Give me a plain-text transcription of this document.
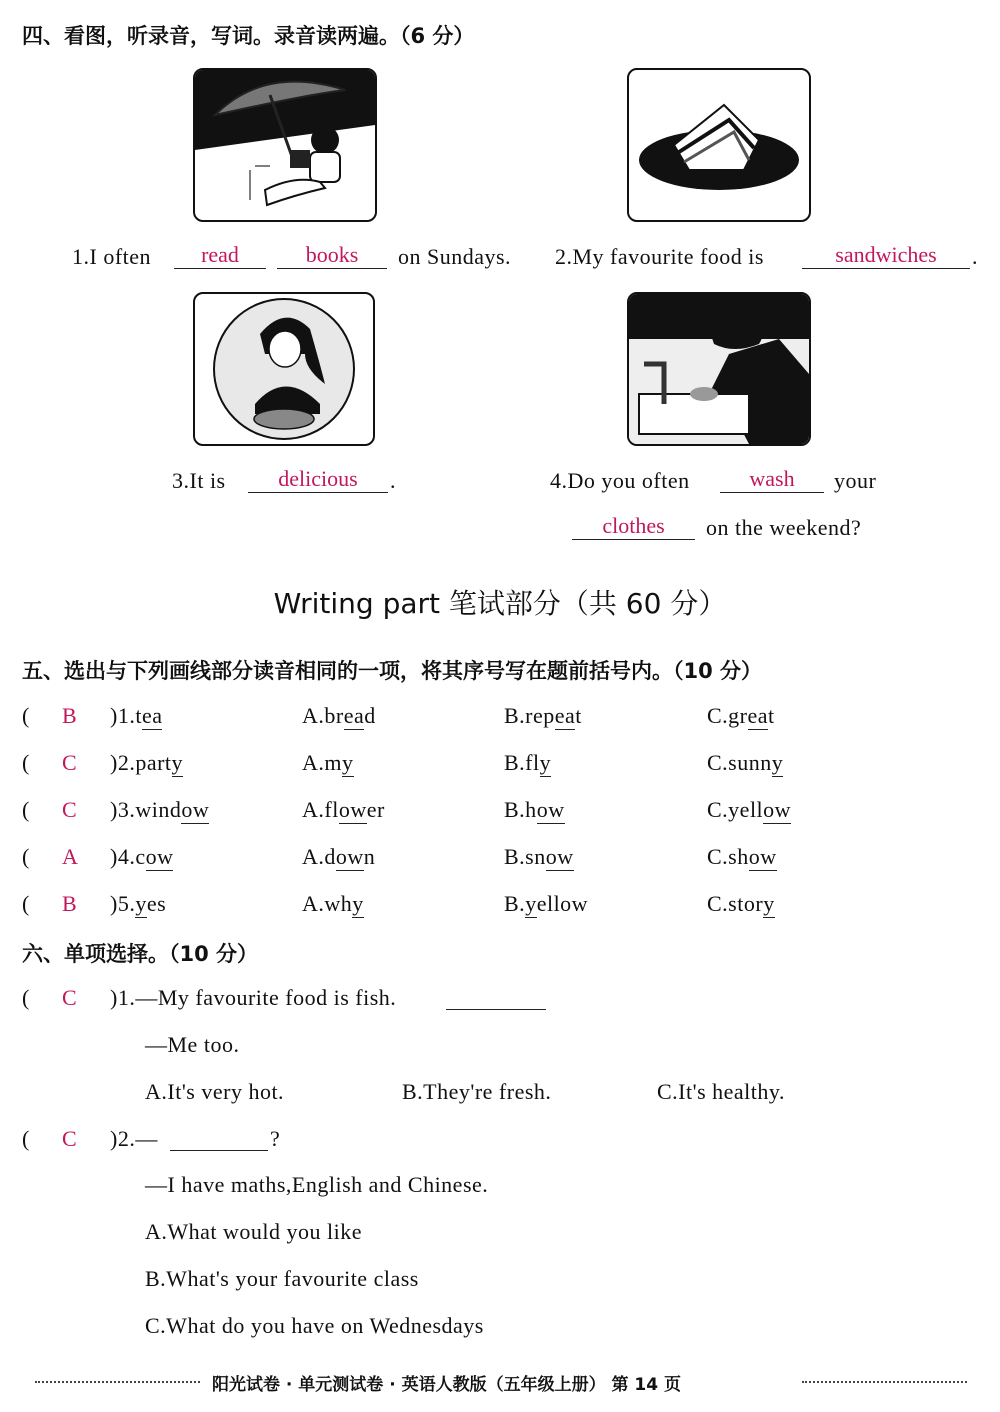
四、看图，听录音，写词。录音读两遍。（6 分）
1.I often	read	books	on Sundays. 2.My favourite food is	sandwiches	.
3.It is	delicious	.	4.Do you often	wash	your
clothes	on the weekend?
Writing part 笔试部分（共 60 分）
五、选出与下列画线部分读音相同的一项，将其序号写在题前括号内。（10 分）
( B )1.tea	A.bread	B.repeat	C.great
( C )2.party	A.my	B.fly	C.sunny
( C )3.window	A.flower	B.how	C.yellow
( A )4.cow	A.down	B.snow	C.show
( B )5.yes	A.why	B.yellow	C.story
六、单项选择。（10 分）
( C )1.—My favourite food is fish.
—Me too.
A.It's very hot.	B.They're fresh.	C.It's healthy.
( C )2.—	?
—I have maths,English and Chinese.
A.What would you like
B.What's your favourite class
C.What do you have on Wednesdays
阳光试卷 · 单元测试卷 · 英语人教版（五年级上册） 第 14 页
